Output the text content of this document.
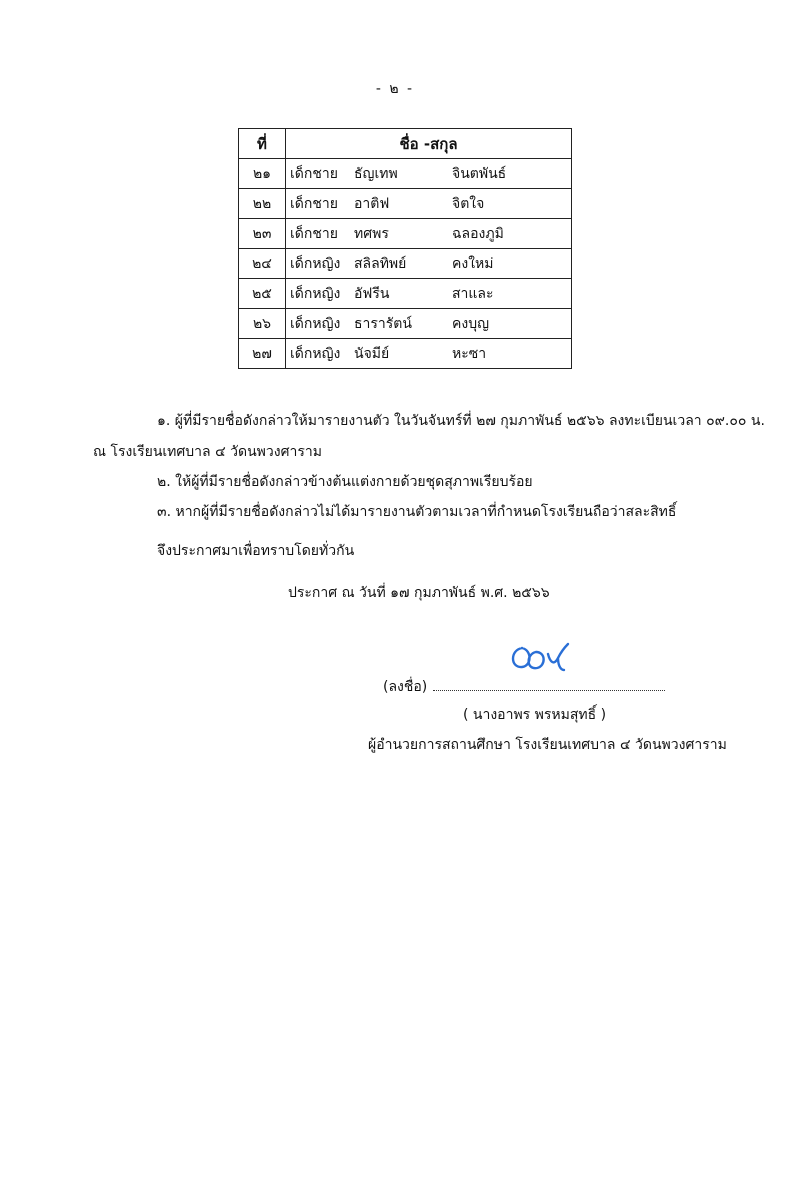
- ๒ -
ที่	ชื่อ -สกุล
๒๑	เด็กชาย ธัญเทพ จินตพันธ์

๒๒	เด็กชาย อาติฟ จิตใจ

๒๓	เด็กชาย ทศพร ฉลองภูมิ

๒๔	เด็กหญิง สลิลทิพย์ คงใหม่

๒๕	เด็กหญิง อัฟรีน สาและ

๒๖	เด็กหญิง ธารารัตน์ คงบุญ

๒๗	เด็กหญิง นัจมีย์ หะซา
๑. ผู้ที่มีรายชื่อดังกล่าวให้มารายงานตัว ในวันจันทร์ที่ ๒๗ กุมภาพันธ์ ๒๕๖๖ ลงทะเบียนเวลา ๐๙.๐๐ น.
ณ โรงเรียนเทศบาล ๔ วัดนพวงศาราม
๒. ให้ผู้ที่มีรายชื่อดังกล่าวข้างต้นแต่งกายด้วยชุดสุภาพเรียบร้อย
๓. หากผู้ที่มีรายชื่อดังกล่าวไม่ได้มารายงานตัวตามเวลาที่กำหนดโรงเรียนถือว่าสละสิทธิ์
จึงประกาศมาเพื่อทราบโดยทั่วกัน
ประกาศ ณ วันที่ ๑๗ กุมภาพันธ์ พ.ศ. ๒๕๖๖
(ลงชื่อ)
( นางอาพร พรหมสุทธิ์ )
ผู้อำนวยการสถานศึกษา โรงเรียนเทศบาล ๔ วัดนพวงศาราม
